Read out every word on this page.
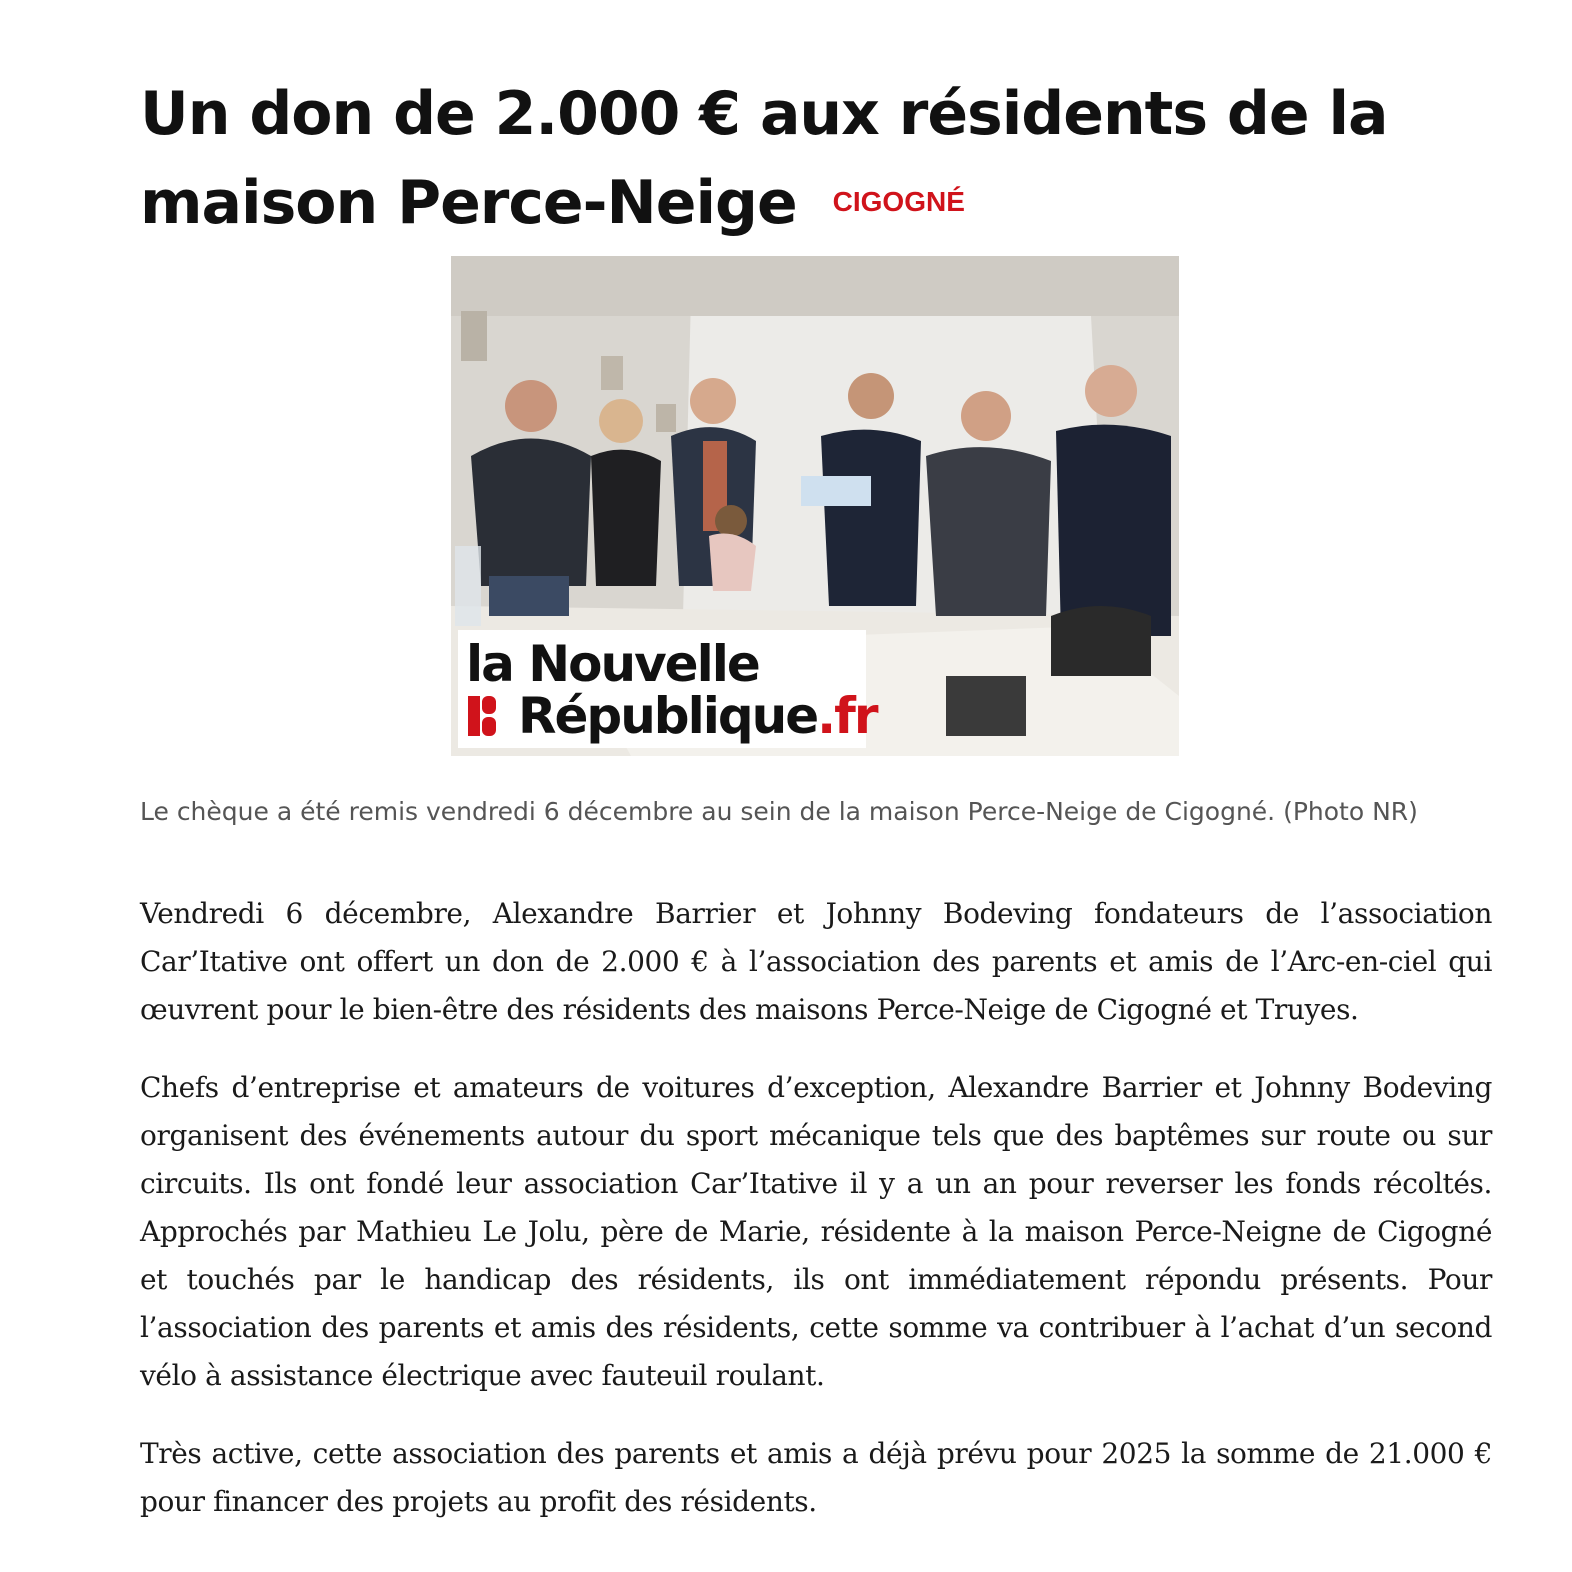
Un don de 2.000 € aux résidents de la maison Perce-Neige $^{CIGOGNÉ}$
la Nouvelle
République.fr
Le chèque a été remis vendredi 6 décembre au sein de la maison Perce-Neige de Cigogné. (Photo NR)

Vendredi 6 décembre, Alexandre Barrier et Johnny Bodeving fondateurs de l’association Car’Itative ont offert un don de 2.000 € à l’association des parents et amis de l’Arc-en-ciel qui œuvrent pour le bien-être des résidents des maisons Perce-Neige de Cigogné et Truyes.

Chefs d’entreprise et amateurs de voitures d’exception, Alexandre Barrier et Johnny Bodeving organisent des événements autour du sport mécanique tels que des baptêmes sur route ou sur circuits. Ils ont fondé leur association Car’Itative il y a un an pour reverser les fonds récoltés. Approchés par Mathieu Le Jolu, père de Marie, résidente à la maison Perce-Neigne de Cigogné et touchés par le handicap des résidents, ils ont immédiatement répondu présents. Pour l’association des parents et amis des résidents, cette somme va contribuer à l’achat d’un second vélo à assistance électrique avec fauteuil roulant.

Très active, cette association des parents et amis a déjà prévu pour 2025 la somme de 21.000 € pour financer des projets au profit des résidents.
